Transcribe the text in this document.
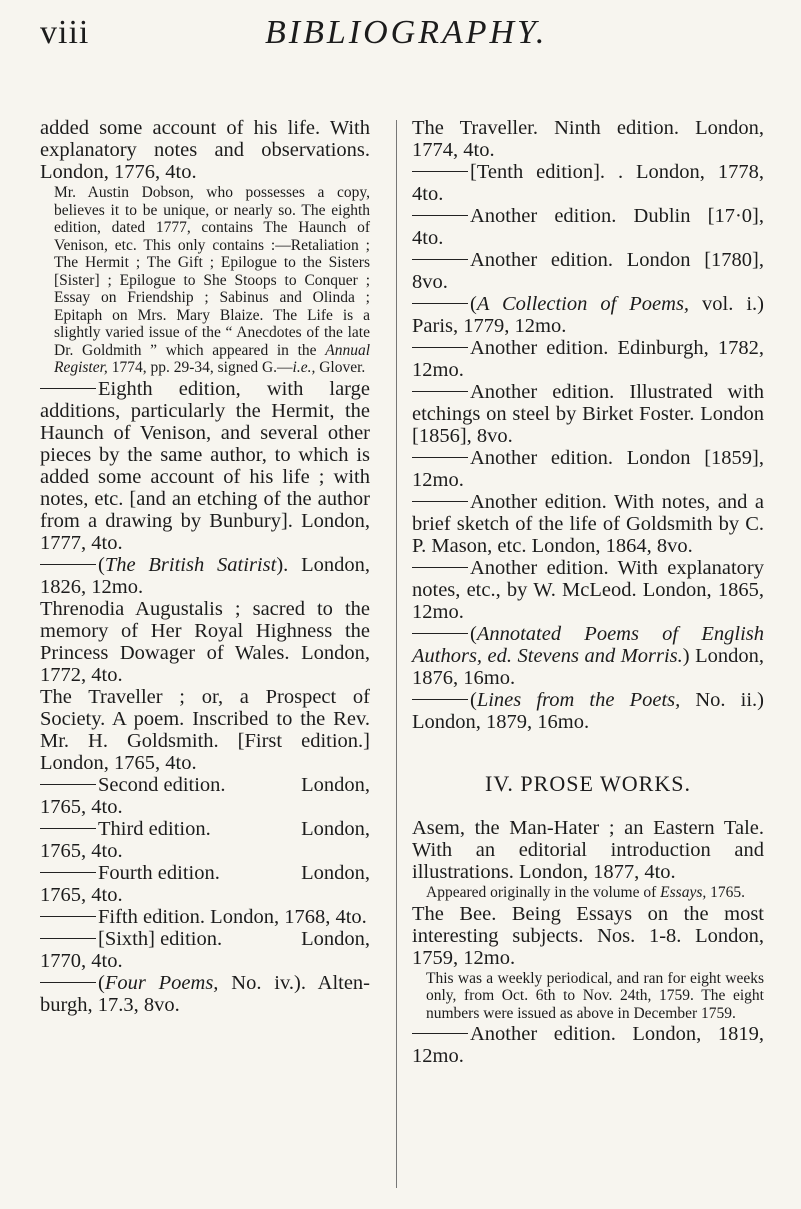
viii	BIBLIOGRAPHY.

added some account of his life. With explanatory notes and observations. London, 1776, 4to.

Mr. Austin Dobson, who possesses a copy, believes it to be unique, or nearly so. The eighth edition, dated 1777, contains The Haunch of Venison, etc. This only contains :—Retaliation ; The Hermit ; The Gift ; Epilogue to the Sisters [Sister] ; Epilogue to She Stoops to Conquer ; Essay on Friendship ; Sabinus and Olinda ; Epitaph on Mrs. Mary Blaize. The Life is a slightly varied issue of the “ Anecdotes of the late Dr. Goldmith ” which appeared in the Annual Register, 1774, pp. 29-34, signed G.—i.e., Glover.

Eighth edition, with large additions, particularly the Hermit, the Haunch of Venison, and several other pieces by the same author, to which is added some account of his life ; with notes, etc. [and an etching of the author from a drawing by Bunbury]. London, 1777, 4to.

(The British Satirist). London, 1826, 12mo.

Threnodia Augustalis ; sacred to the memory of Her Royal Highness the Princess Dowager of Wales. London, 1772, 4to.

The Traveller ; or, a Prospect of Society. A poem. Inscribed to the Rev. Mr. H. Goldsmith. [First edition.] London, 1765, 4to.

Second edition.	London,
1765, 4to.
Third edition.	London,
1765, 4to.
Fourth edition.	London,
1765, 4to.

Fifth edition. London, 1768, 4to.

[Sixth] edition.	London,
1770, 4to.

(Four Poems, No. iv.). Alten- burgh, 17.3, 8vo.

The Traveller. Ninth edition. London, 1774, 4to.

[Tenth edition]. . London, 1778, 4to.

Another edition. Dublin [17·0], 4to.

Another edition. London [1780], 8vo.

(A Collection of Poems, vol. i.) Paris, 1779, 12mo.

Another edition. Edinburgh, 1782, 12mo.

Another edition. Illustrated with etchings on steel by Birket Foster. London [1856], 8vo.

Another edition. London [1859], 12mo.

Another edition. With notes, and a brief sketch of the life of Goldsmith by C. P. Mason, etc. London, 1864, 8vo.

Another edition. With explanatory notes, etc., by W. McLeod. London, 1865, 12mo.

(Annotated Poems of English Authors, ed. Stevens and Morris.) London, 1876, 16mo.

(Lines from the Poets, No. ii.) London, 1879, 16mo.

IV. PROSE WORKS.

Asem, the Man-Hater ; an Eastern Tale. With an editorial introduction and illustrations. London, 1877, 4to.

Appeared originally in the volume of Essays, 1765.

The Bee. Being Essays on the most interesting subjects. Nos. 1-8. London, 1759, 12mo.

This was a weekly periodical, and ran for eight weeks only, from Oct. 6th to Nov. 24th, 1759. The eight numbers were issued as above in December 1759.

Another edition. London, 1819, 12mo.
